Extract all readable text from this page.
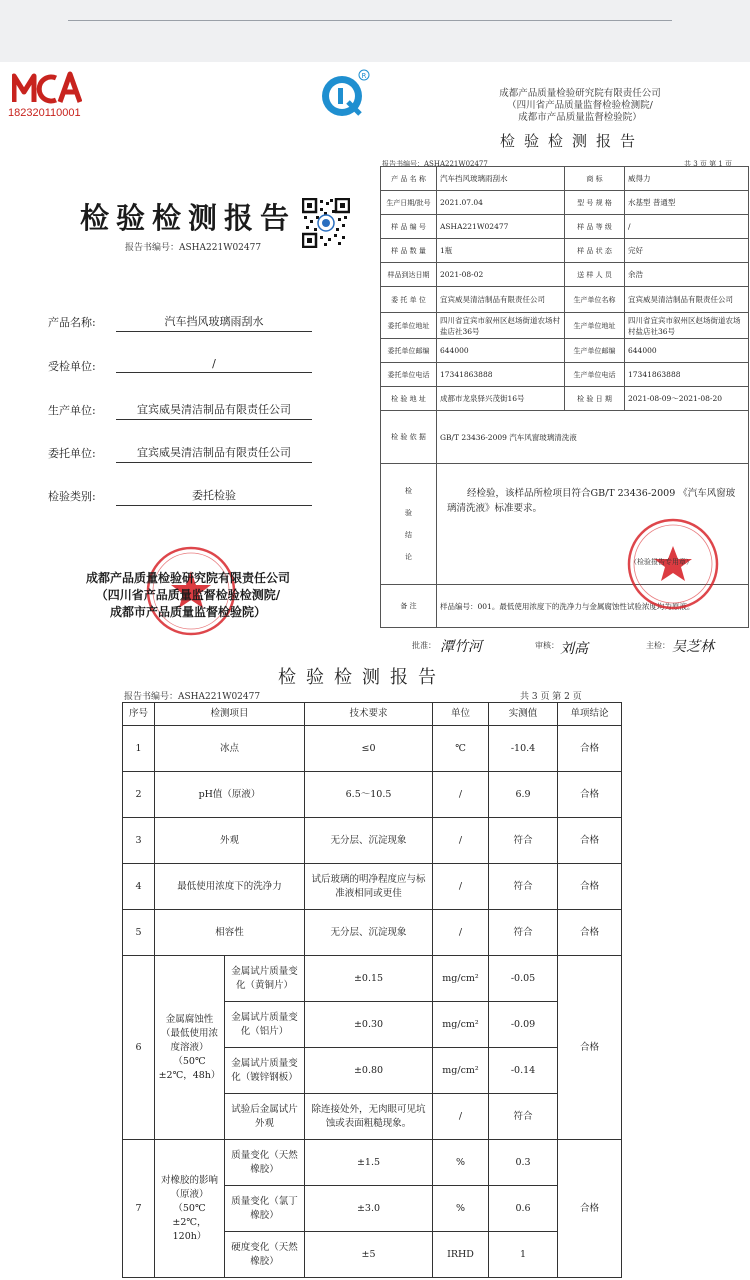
182320110001
检验检测报告
报告书编号：ASHA221W02477
产品名称:	汽车挡风玻璃雨刮水
受检单位:	/
生产单位:	宜宾威昊清洁制品有限责任公司
委托单位:	宜宾威昊清洁制品有限责任公司
检验类别:	委托检验
成都产品质量检验研究院有限责任公司
（四川省产品质量监督检验检测院/
成都市产品质量监督检验院）
R
成都产品质量检验研究院有限责任公司
（四川省产品质量监督检验检测院/
成都市产品质量监督检验院）
检验检测报告
报告书编号：ASHA221W02477	共 3 页 第 1 页
产 品 名 称	汽车挡风玻璃雨刮水	商 标	威得力
生产日期/批号	2021.07.04	型 号 规 格	水基型 普通型
样 品 编 号	ASHA221W02477	样 品 等 级	/
样 品 数 量	1瓶	样 品 状 态	完好
样品到达日期	2021-08-02	送 样 人 员	余浩
委 托 单 位	宜宾威昊清洁制品有限责任公司	生产单位名称	宜宾威昊清洁制品有限责任公司
委托单位地址	四川省宜宾市叙州区赵场街道农场村盐店社36号	生产单位地址	四川省宜宾市叙州区赵场街道农场村盐店社36号
委托单位邮编	644000	生产单位邮编	644000
委托单位电话	17341863888	生产单位电话	17341863888
检 验 地 址	成都市龙泉驿兴茂街16号	检 验 日 期	2021-08-09～2021-08-20
检 验 依 据	GB/T 23436-2009 汽车风窗玻璃清洗液		
检验结论	经检验，该样品所检项目符合GB/T 23436-2009 《汽车风窗玻璃清洗液》标准要求。		

备 注	样品编号：001。最低使用浓度下的洗净力与金属腐蚀性试验浓度均为原液。		
（检验报告专用章）
批准： 潭竹河	审核： 刘高	主检： 吴芝林
检验检测报告
报告书编号：ASHA221W02477	共 3 页 第 2 页
序号	检测项目		技术要求	单位	实测值	单项结论
1	冰点		≤0	℃	-10.4	合格
2	pH值（原液）		6.5～10.5	/	6.9	合格
3	外观		无分层、沉淀现象	/	符合	合格
4	最低使用浓度下的洗净力		试后玻璃的明净程度应与标准液相同或更佳	/	符合	合格
5	相容性		无分层、沉淀现象	/	符合	合格
6	金属腐蚀性（最低使用浓度溶液）（50℃±2℃，48h）	金属试片质量变化（黄铜片）	±0.15	mg/cm²	-0.05	合格
		金属试片质量变化（铝片）	±0.30	mg/cm²	-0.09	
		金属试片质量变化（镀锌钢板）	±0.80	mg/cm²	-0.14	
		试验后金属试片外观	除连接处外，无肉眼可见坑蚀或表面粗糙现象。	/	符合	
7	对橡胶的影响（原液）（50℃±2℃，120h）	质量变化（天然橡胶）	±1.5	%	0.3	合格
		质量变化（氯丁橡胶）	±3.0	%	0.6	
		硬度变化（天然橡胶）	±5	IRHD	1	
